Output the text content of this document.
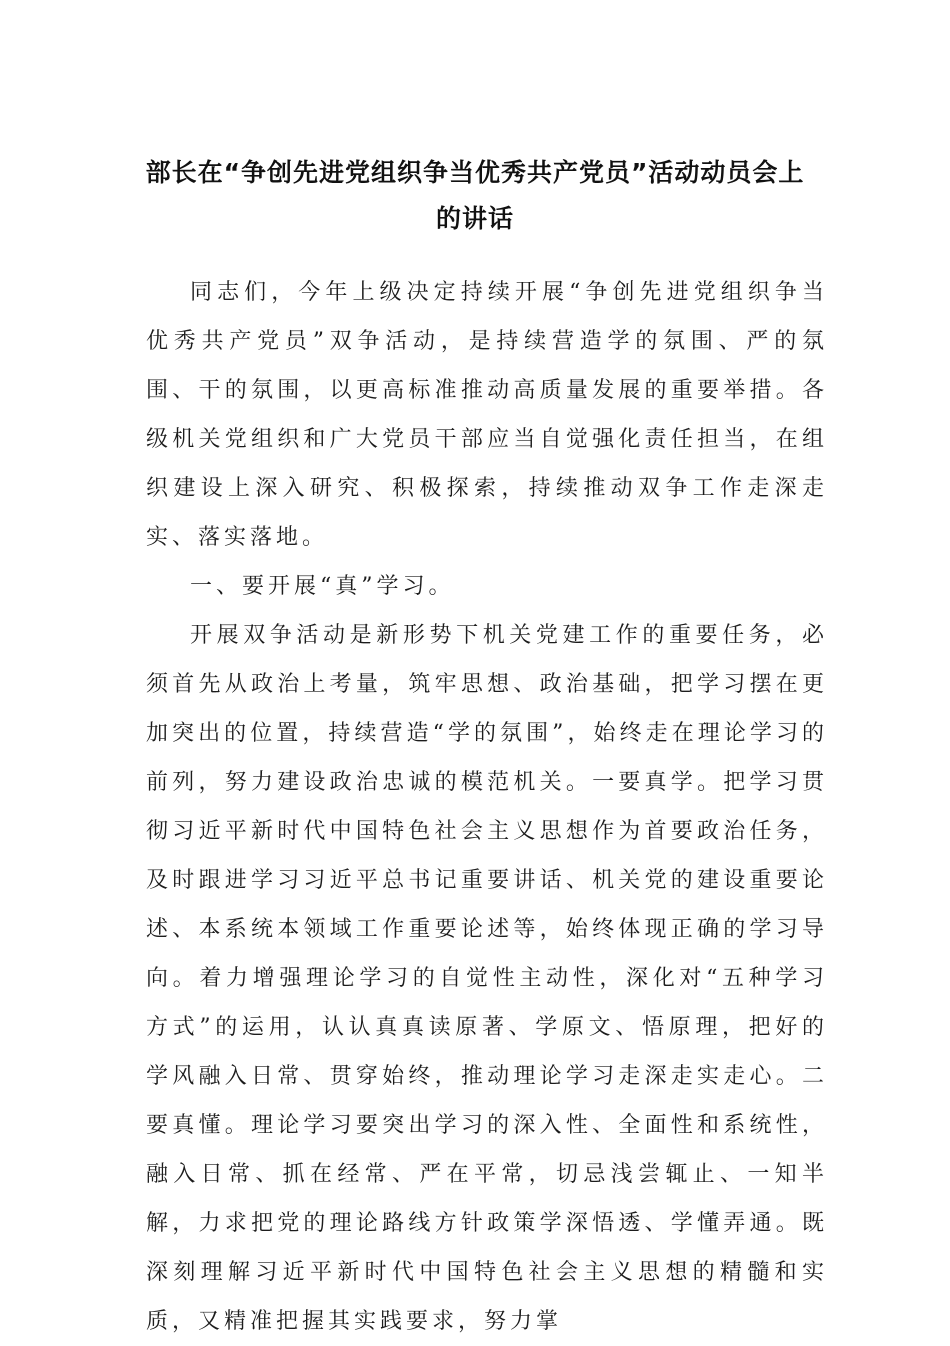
部长在“争创先进党组织争当优秀共产党员”活动动员会上的讲话

同志们，今年上级决定持续开展“争创先进党组织争当优秀共产党员”双争活动，是持续营造学的氛围、严的氛围、干的氛围，以更高标准推动高质量发展的重要举措。各级机关党组织和广大党员干部应当自觉强化责任担当，在组织建设上深入研究、积极探索，持续推动双争工作走深走实、落实落地。

一、要开展“真”学习。

开展双争活动是新形势下机关党建工作的重要任务，必须首先从政治上考量，筑牢思想、政治基础，把学习摆在更加突出的位置，持续营造“学的氛围”，始终走在理论学习的前列，努力建设政治忠诚的模范机关。一要真学。把学习贯彻习近平新时代中国特色社会主义思想作为首要政治任务，及时跟进学习习近平总书记重要讲话、机关党的建设重要论述、本系统本领域工作重要论述等，始终体现正确的学习导向。着力增强理论学习的自觉性主动性，深化对“五种学习方式”的运用，认认真真读原著、学原文、悟原理，把好的学风融入日常、贯穿始终，推动理论学习走深走实走心。二要真懂。理论学习要突出学习的深入性、全面性和系统性，融入日常、抓在经常、严在平常，切忌浅尝辄止、一知半解，力求把党的理论路线方针政策学深悟透、学懂弄通。既深刻理解习近平新时代中国特色社会主义思想的精髓和实质，又精准把握其实践要求，努力掌
